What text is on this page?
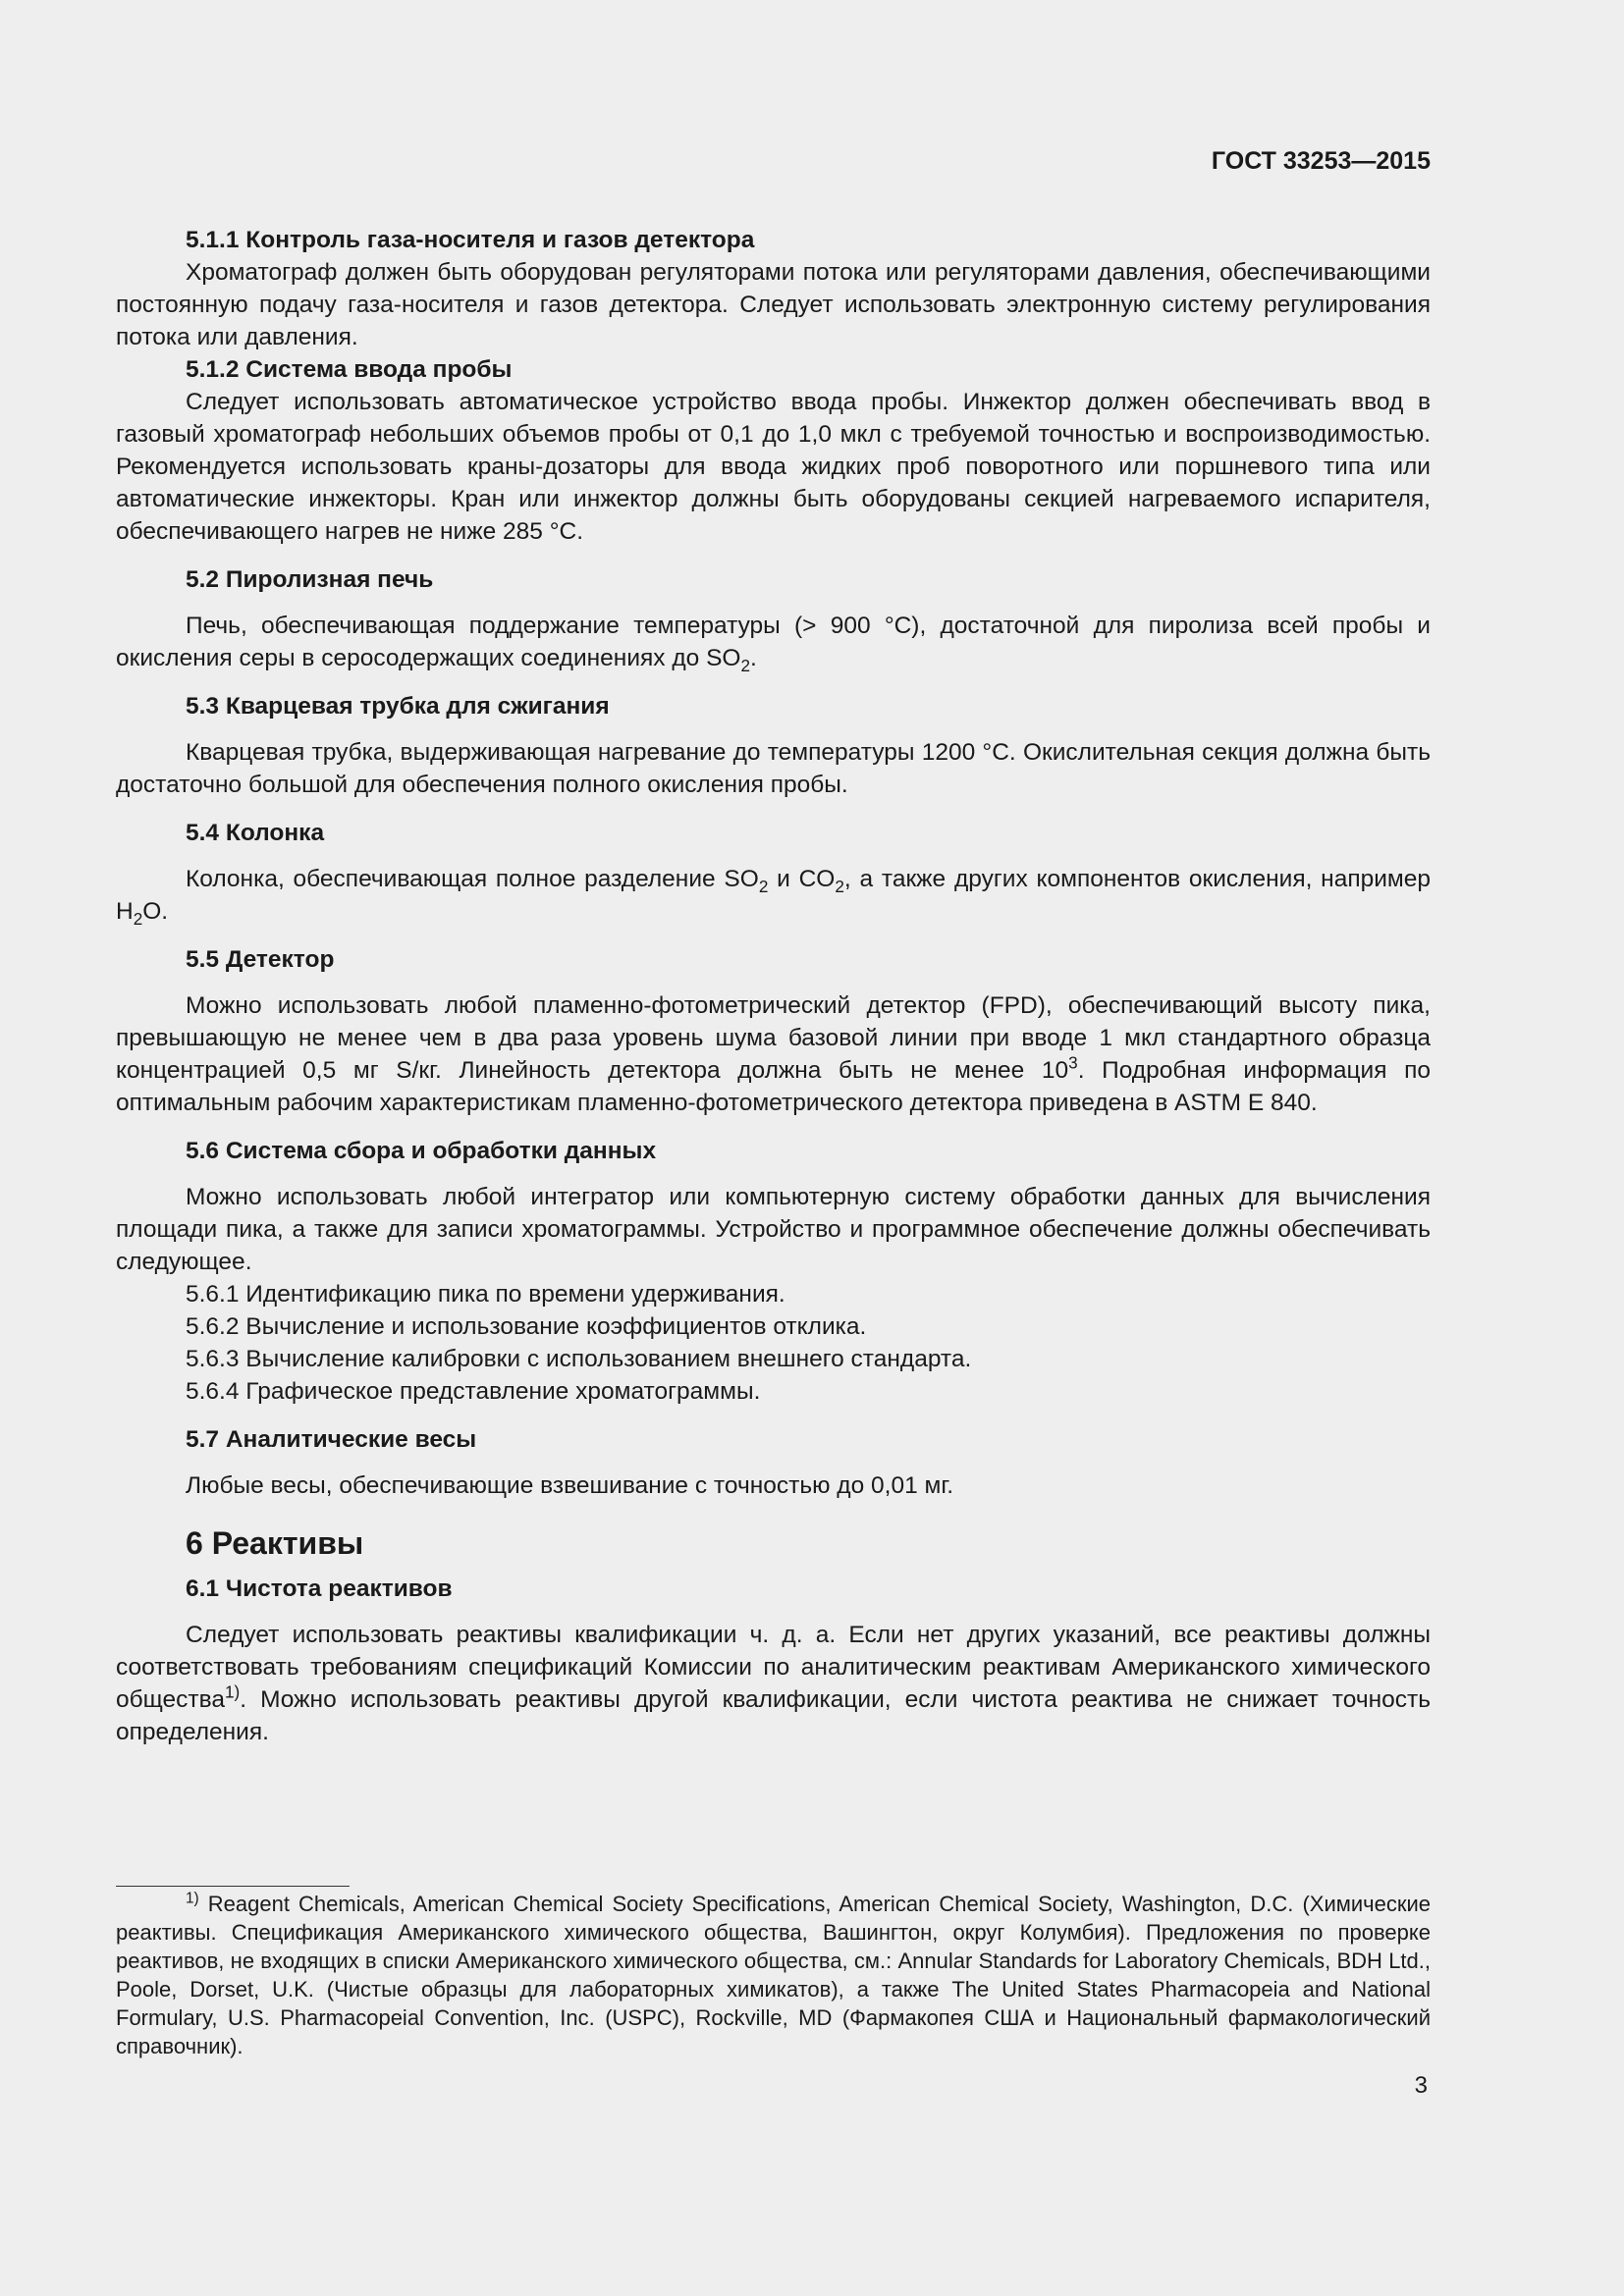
ГОСТ 33253—2015

5.1.1 Контроль газа-носителя и газов детектора

Хроматограф должен быть оборудован регуляторами потока или регуляторами давления, обеспечивающими постоянную подачу газа-носителя и газов детектора. Следует использовать электронную систему регулирования потока или давления.

5.1.2 Система ввода пробы

Следует использовать автоматическое устройство ввода пробы. Инжектор должен обеспечивать ввод в газовый хроматограф небольших объемов пробы от 0,1 до 1,0 мкл с требуемой точностью и воспроизводимостью. Рекомендуется использовать краны-дозаторы для ввода жидких проб поворотного или поршневого типа или автоматические инжекторы. Кран или инжектор должны быть оборудованы секцией нагреваемого испарителя, обеспечивающего нагрев не ниже 285 °С.

5.2 Пиролизная печь

Печь, обеспечивающая поддержание температуры (> 900 °С), достаточной для пиролиза всей пробы и окисления серы в серосодержащих соединениях до $SO_2$.

5.3 Кварцевая трубка для сжигания

Кварцевая трубка, выдерживающая нагревание до температуры 1200 °С. Окислительная секция должна быть достаточно большой для обеспечения полного окисления пробы.

5.4 Колонка

Колонка, обеспечивающая полное разделение $SO_2$ и $CO_2$, а также других компонентов окисления, например $H_2O$.

5.5 Детектор

Можно использовать любой пламенно-фотометрический детектор (FPD), обеспечивающий высоту пика, превышающую не менее чем в два раза уровень шума базовой линии при вводе 1 мкл стандартного образца концентрацией 0,5 мг S/кг. Линейность детектора должна быть не менее $10^3$. Подробная информация по оптимальным рабочим характеристикам пламенно-фотометрического детектора приведена в ASTM E 840.

5.6 Система сбора и обработки данных

Можно использовать любой интегратор или компьютерную систему обработки данных для вычисления площади пика, а также для записи хроматограммы. Устройство и программное обеспечение должны обеспечивать следующее.

5.6.1 Идентификацию пика по времени удерживания.

5.6.2 Вычисление и использование коэффициентов отклика.

5.6.3 Вычисление калибровки с использованием внешнего стандарта.

5.6.4 Графическое представление хроматограммы.

5.7 Аналитические весы

Любые весы, обеспечивающие взвешивание с точностью до 0,01 мг.

6 Реактивы

6.1 Чистота реактивов

Следует использовать реактивы квалификации ч. д. а. Если нет других указаний, все реактивы должны соответствовать требованиям спецификаций Комиссии по аналитическим реактивам Американского химического общества$^{1)}$. Можно использовать реактивы другой квалификации, если чистота реактива не снижает точность определения.

$^{1)}$ Reagent Chemicals, American Chemical Society Specifications, American Chemical Society, Washington, D.C. (Химические реактивы. Спецификация Американского химического общества, Вашингтон, округ Колумбия). Предложения по проверке реактивов, не входящих в списки Американского химического общества, см.: Annular Standards for Laboratory Chemicals, BDH Ltd., Poole, Dorset, U.K. (Чистые образцы для лабораторных химикатов), а также The United States Pharmacopeia and National Formulary, U.S. Pharmacopeial Convention, Inc. (USPC), Rockville, MD (Фармакопея США и Национальный фармакологический справочник).
3
